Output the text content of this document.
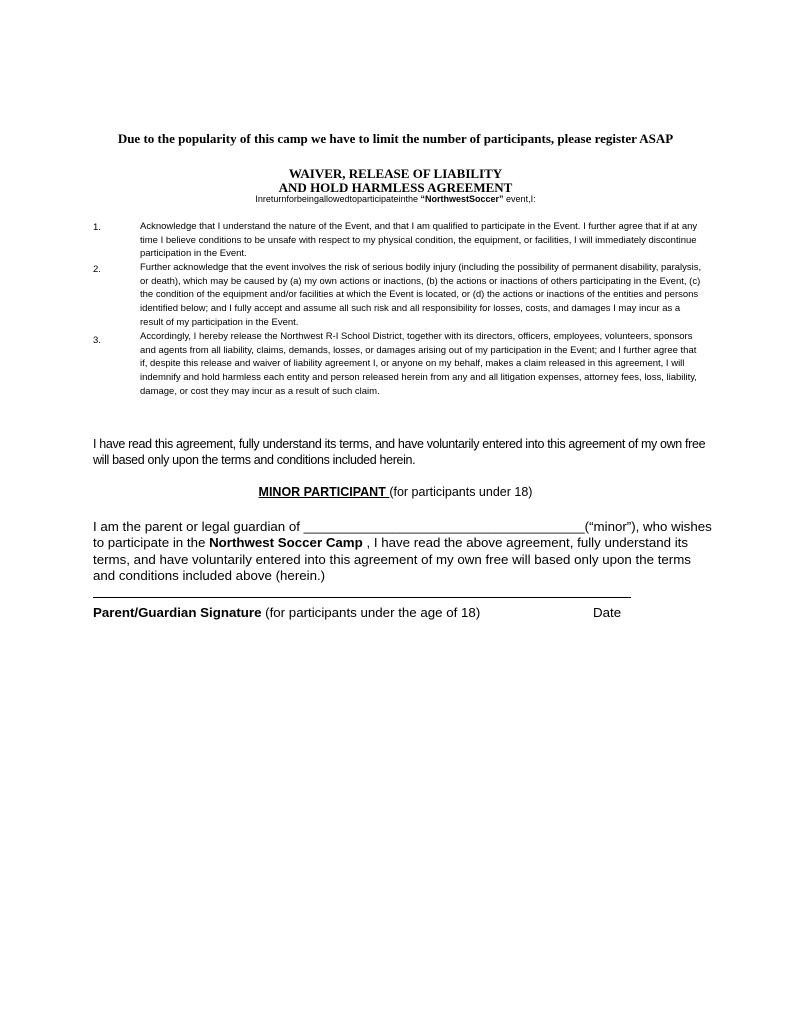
Due to the popularity of this camp we have to limit the number of participants, please register ASAP
WAIVER, RELEASE OF LIABILITY
AND HOLD HARMLESS AGREEMENT
Inreturnforbeingallowedtoparticipateinthe “NorthwestSoccer” event,I:
1.	Acknowledge that I understand the nature of the Event, and that I am qualified to participate in the Event. I further agree that if at any time I believe conditions to be unsafe with respect to my physical condition, the equipment, or facilities, I will immediately discontinue participation in the Event.
2.	Further acknowledge that the event involves the risk of serious bodily injury (including the possibility of permanent disability, paralysis, or death), which may be caused by (a) my own actions or inactions, (b) the actions or inactions of others participating in the Event, (c) the condition of the equipment and/or facilities at which the Event is located, or (d) the actions or inactions of the entities and persons identified below; and I fully accept and assume all such risk and all responsibility for losses, costs, and damages I may incur as a result of my participation in the Event.
3.	Accordingly, I hereby release the Northwest R-I School District, together with its directors, officers, employees, volunteers, sponsors and agents from all liability, claims, demands, losses, or damages arising out of my participation in the Event; and I further agree that if, despite this release and waiver of liability agreement I, or anyone on my behalf, makes a claim released in this agreement, I will indemnify and hold harmless each entity and person released herein from any and all litigation expenses, attorney fees, loss, liability, damage, or cost they may incur as a result of such claim.
I have read this agreement, fully understand its terms, and have voluntarily entered into this agreement of my own free will based only upon the terms and conditions included herein.
MINOR PARTICIPANT (for participants under 18)
I am the parent or legal guardian of ______________________________________(“minor”), who wishes to participate in the Northwest Soccer Camp , I have read the above agreement, fully understand its terms, and have voluntarily entered into this agreement of my own free will based only upon the terms and conditions included above (herein.)
Parent/Guardian Signature (for participants under the age of 18)	Date
